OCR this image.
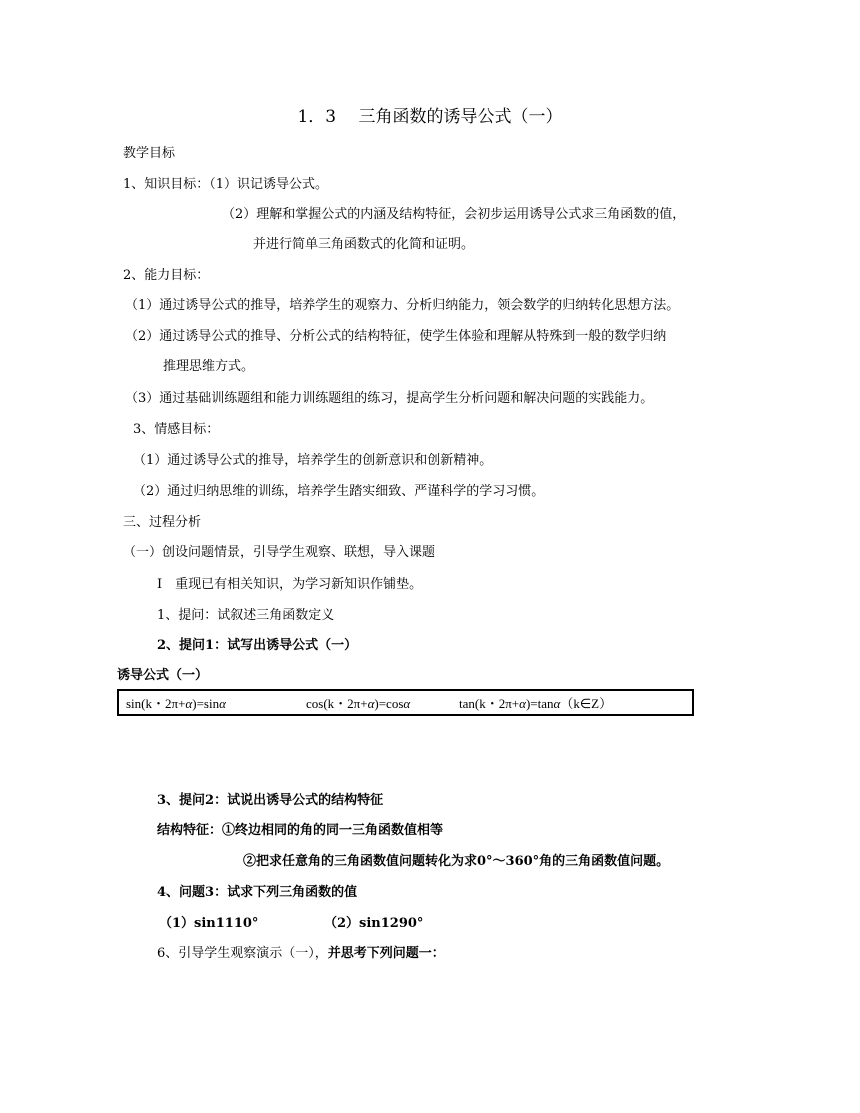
1．3　 三角函数的诱导公式（一）
教学目标
1、知识目标：（1）识记诱导公式。
（2）理解和掌握公式的内涵及结构特征，会初步运用诱导公式求三角函数的值，
并进行简单三角函数式的化简和证明。
2、能力目标：
（1）通过诱导公式的推导，培养学生的观察力、分析归纳能力，领会数学的归纳转化思想方法。
（2）通过诱导公式的推导、分析公式的结构特征，使学生体验和理解从特殊到一般的数学归纳
推理思维方式。
（3）通过基础训练题组和能力训练题组的练习，提高学生分析问题和解决问题的实践能力。
3、情感目标：
（1）通过诱导公式的推导，培养学生的创新意识和创新精神。
（2）通过归纳思维的训练，培养学生踏实细致、严谨科学的学习习惯。
三、过程分析
（一）创设问题情景，引导学生观察、联想，导入课题
I　重现已有相关知识，为学习新知识作铺垫。
1、提问：试叙述三角函数定义
2、提问1：试写出诱导公式（一）
诱导公式（一）
sin(k・2π+α)=sinα	cos(k・2π+α)=cosα	tan(k・2π+α)=tanα（k∈Z）
3、提问2：试说出诱导公式的结构特征
结构特征：①终边相同的角的同一三角函数值相等
②把求任意角的三角函数值问题转化为求0°～360°角的三角函数值问题。
4、问题3：试求下列三角函数的值
（1）sin1110°	（2）sin1290°
6、引导学生观察演示（一），并思考下列问题一：
